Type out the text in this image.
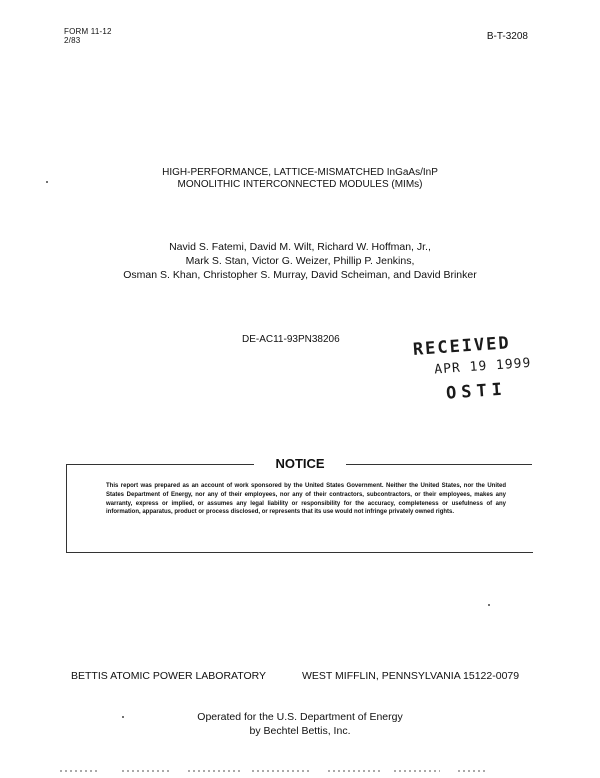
FORM 11-12
2/83	B-T-3208
HIGH-PERFORMANCE, LATTICE-MISMATCHED InGaAs/InP
MONOLITHIC INTERCONNECTED MODULES (MIMs)
Navid S. Fatemi, David M. Wilt, Richard W. Hoffman, Jr.,
Mark S. Stan, Victor G. Weizer, Phillip P. Jenkins,
Osman S. Khan, Christopher S. Murray, David Scheiman, and David Brinker
DE-AC11-93PN38206	RECEIVED
APR 19 1999
OSTI
NOTICE
This report was prepared as an account of work sponsored by the United States Government. Neither the United States, nor the United States Department of Energy, nor any of their employees, nor any of their contractors, subcontractors, or their employees, makes any warranty, express or implied, or assumes any legal liability or responsibility for the accuracy, completeness or usefulness of any information, apparatus, product or process disclosed, or represents that its use would not infringe privately owned rights.
BETTIS ATOMIC POWER LABORATORY	WEST MIFFLIN, PENNSYLVANIA 15122-0079
Operated for the U.S. Department of Energy
by Bechtel Bettis, Inc.
